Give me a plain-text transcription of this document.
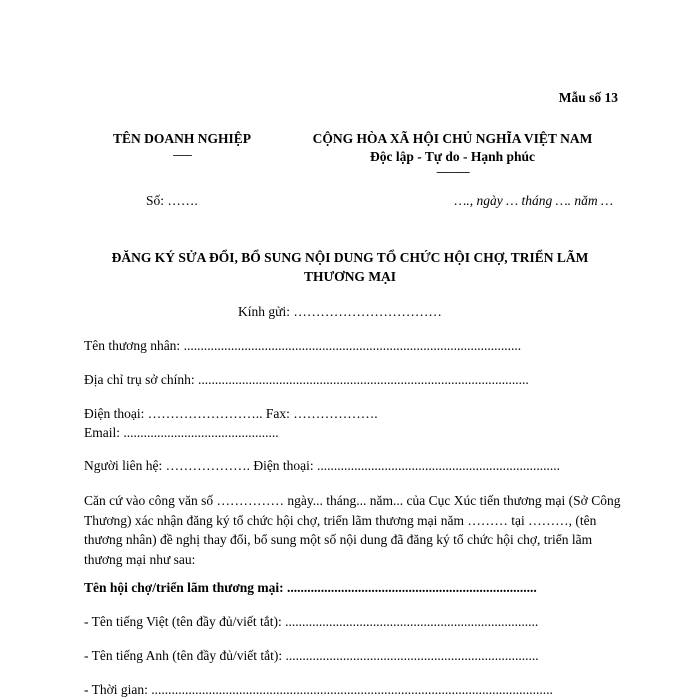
Mẫu số 13
TÊN DOANH NGHIỆP
-------
CỘNG HÒA XÃ HỘI CHỦ NGHĨA VIỆT NAM
Độc lập - Tự do - Hạnh phúc
---------------
Số: …….	…., ngày … tháng …. năm …
ĐĂNG KÝ SỬA ĐỔI, BỔ SUNG NỘI DUNG TỔ CHỨC HỘI CHỢ, TRIỂN LÃM
THƯƠNG MẠI
Kính gửi: ……………………………
Tên thương nhân: ....................................................................................................
Địa chỉ trụ sở chính: ..................................................................................................
Điện thoại: …………………….. Fax: ……………….
Email: ..............................................
Người liên hệ: ………………. Điện thoại: ........................................................................
Căn cứ vào công văn số …………… ngày... tháng... năm... của Cục Xúc tiến thương mại (Sở Công Thương) xác nhận đăng ký tổ chức hội chợ, triển lãm thương mại năm ……… tại ………, (tên thương nhân) đề nghị thay đổi, bổ sung một số nội dung đã đăng ký tổ chức hội chợ, triển lãm thương mại như sau:
Tên hội chợ/triển lãm thương mại: ..........................................................................
- Tên tiếng Việt (tên đầy đủ/viết tắt): ...........................................................................
- Tên tiếng Anh (tên đầy đủ/viết tắt): ...........................................................................
- Thời gian: .......................................................................................................................
